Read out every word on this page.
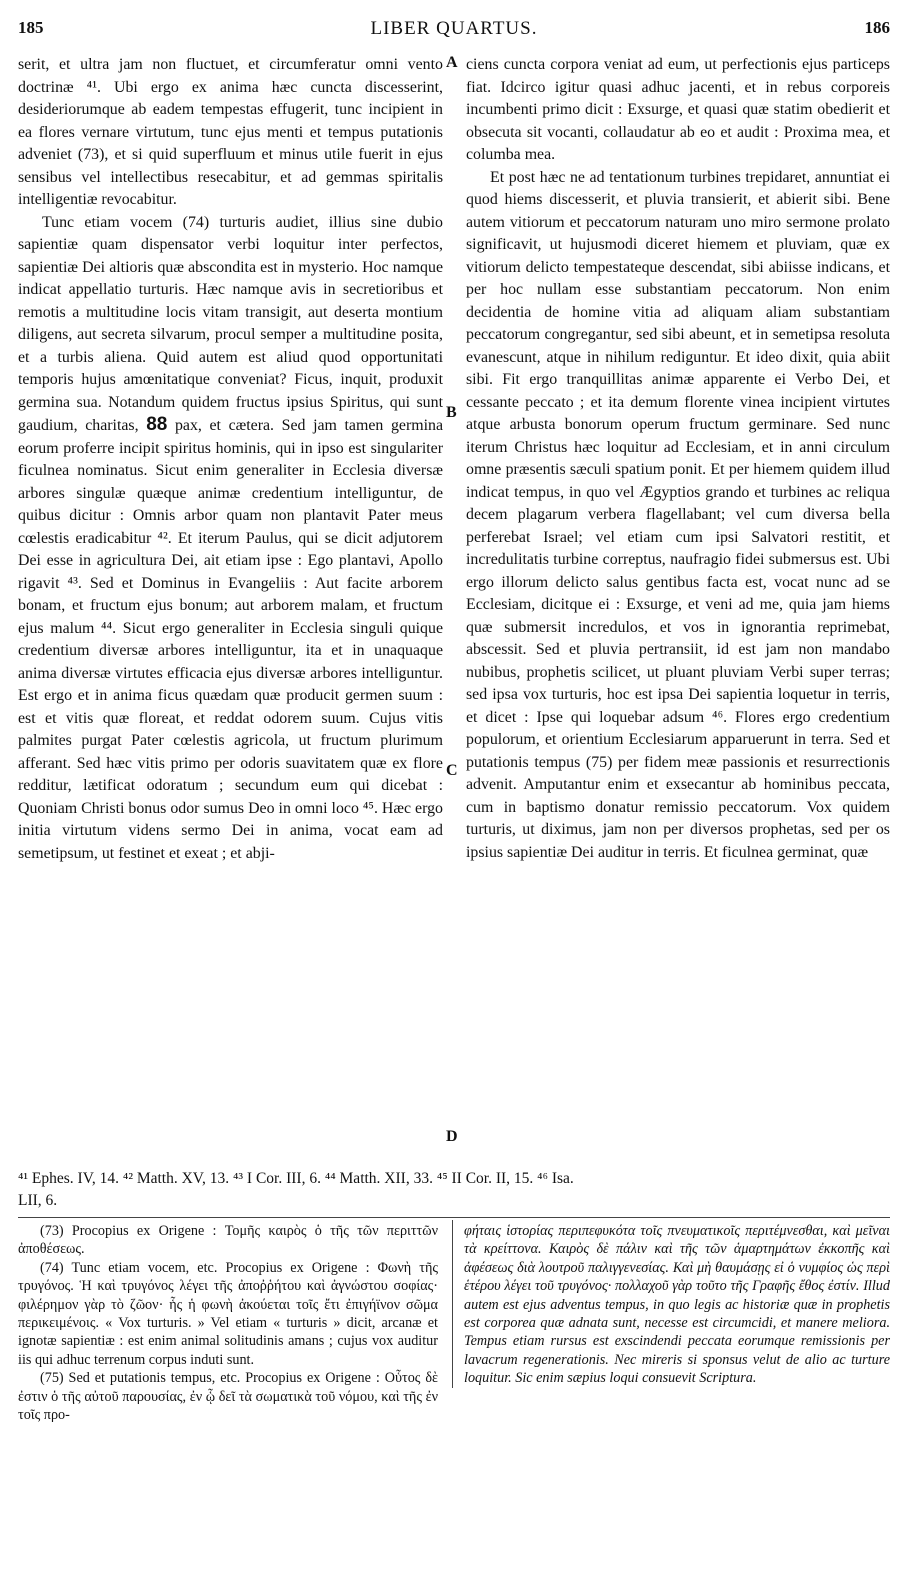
185	LIBER QUARTUS.	186

serit, et ultra jam non fluctuet, et circumferatur omni vento doctrinæ ⁴¹. Ubi ergo ex anima hæc cuncta discesserint, desideriorumque ab eadem tempestas effugerit, tunc incipient in ea flores vernare virtutum, tunc ejus menti et tempus putationis adveniet (73), et si quid superfluum et minus utile fuerit in ejus sensibus vel intellectibus resecabitur, et ad gemmas spiritalis intelligentiæ revocabitur.

Tunc etiam vocem (74) turturis audiet, illius sine dubio sapientiæ quam dispensator verbi loquitur inter perfectos, sapientiæ Dei altioris quæ abscondita est in mysterio. Hoc namque indicat appellatio turturis. Hæc namque avis in secretioribus et remotis a multitudine locis vitam transigit, aut deserta montium diligens, aut secreta silvarum, procul semper a multitudine posita, et a turbis aliena. Quid autem est aliud quod opportunitati temporis hujus amœnitatique conveniat? Ficus, inquit, produxit germina sua. Notandum quidem fructus ipsius Spiritus, qui sunt gaudium, charitas, 88 pax, et cætera. Sed jam tamen germina eorum proferre incipit spiritus hominis, qui in ipso est singulariter ficulnea nominatus. Sicut enim generaliter in Ecclesia diversæ arbores singulæ quæque animæ credentium intelliguntur, de quibus dicitur : Omnis arbor quam non plantavit Pater meus cœlestis eradicabitur ⁴². Et iterum Paulus, qui se dicit adjutorem Dei esse in agricultura Dei, ait etiam ipse : Ego plantavi, Apollo rigavit ⁴³. Sed et Dominus in Evangeliis : Aut facite arborem bonam, et fructum ejus bonum; aut arborem malam, et fructum ejus malum ⁴⁴. Sicut ergo generaliter in Ecclesia singuli quique credentium diversæ arbores intelliguntur, ita et in unaquaque anima diversæ virtutes efficacia ejus diversæ arbores intelliguntur. Est ergo et in anima ficus quædam quæ producit germen suum : est et vitis quæ floreat, et reddat odorem suum. Cujus vitis palmites purgat Pater cœlestis agricola, ut fructum plurimum afferant. Sed hæc vitis primo per odoris suavitatem quæ ex flore redditur, lætificat odoratum ; secundum eum qui dicebat : Quoniam Christi bonus odor sumus Deo in omni loco ⁴⁵. Hæc ergo initia virtutum videns sermo Dei in anima, vocat eam ad semetipsum, ut festinet et exeat ; et abji-

A
B
C
D

ciens cuncta corpora veniat ad eum, ut perfectionis ejus particeps fiat. Idcirco igitur quasi adhuc jacenti, et in rebus corporeis incumbenti primo dicit : Exsurge, et quasi quæ statim obedierit et obsecuta sit vocanti, collaudatur ab eo et audit : Proxima mea, et columba mea.

Et post hæc ne ad tentationum turbines trepidaret, annuntiat ei quod hiems discesserit, et pluvia transierit, et abierit sibi. Bene autem vitiorum et peccatorum naturam uno miro sermone prolato significavit, ut hujusmodi diceret hiemem et pluviam, quæ ex vitiorum delicto tempestateque descendat, sibi abiisse indicans, et per hoc nullam esse substantiam peccatorum. Non enim decidentia de homine vitia ad aliquam aliam substantiam peccatorum congregantur, sed sibi abeunt, et in semetipsa resoluta evanescunt, atque in nihilum rediguntur. Et ideo dixit, quia abiit sibi. Fit ergo tranquillitas animæ apparente ei Verbo Dei, et cessante peccato ; et ita demum florente vinea incipient virtutes atque arbusta bonorum operum fructum germinare. Sed nunc iterum Christus hæc loquitur ad Ecclesiam, et in anni circulum omne præsentis sæculi spatium ponit. Et per hiemem quidem illud indicat tempus, in quo vel Ægyptios grando et turbines ac reliqua decem plagarum verbera flagellabant; vel cum diversa bella perferebat Israel; vel etiam cum ipsi Salvatori restitit, et incredulitatis turbine correptus, naufragio fidei submersus est. Ubi ergo illorum delicto salus gentibus facta est, vocat nunc ad se Ecclesiam, dicitque ei : Exsurge, et veni ad me, quia jam hiems quæ submersit incredulos, et vos in ignorantia reprimebat, abscessit. Sed et pluvia pertransiit, id est jam non mandabo nubibus, prophetis scilicet, ut pluant pluviam Verbi super terras; sed ipsa vox turturis, hoc est ipsa Dei sapientia loquetur in terris, et dicet : Ipse qui loquebar adsum ⁴⁶. Flores ergo credentium populorum, et orientium Ecclesiarum apparuerunt in terra. Sed et putationis tempus (75) per fidem meæ passionis et resurrectionis advenit. Amputantur enim et exsecantur ab hominibus peccata, cum in baptismo donatur remissio peccatorum. Vox quidem turturis, ut diximus, jam non per diversos prophetas, sed per os ipsius sapientiæ Dei auditur in terris. Et ficulnea germinat, quæ

⁴¹ Ephes. IV, 14. ⁴² Matth. XV, 13. ⁴³ I Cor. III, 6. ⁴⁴ Matth. XII, 33. ⁴⁵ II Cor. II, 15. ⁴⁶ Isa.

LII, 6.

(73) Procopius ex Origene : Τομῆς καιρὸς ὁ τῆς τῶν περιττῶν ἀποθέσεως.

(74) Tunc etiam vocem, etc. Procopius ex Origene : Φωνὴ τῆς τρυγόνος. Ἡ καὶ τρυγόνος λέγει τῆς ἀποῤῥήτου καὶ ἀγνώστου σοφίας· φιλέρημον γὰρ τὸ ζῶον· ἧς ἡ φωνὴ ἀκούεται τοῖς ἔτι ἐπιγήϊνον σῶμα περικειμένοις. « Vox turturis. » Vel etiam « turturis » dicit, arcanæ et ignotæ sapientiæ : est enim animal solitudinis amans ; cujus vox auditur iis qui adhuc terrenum corpus induti sunt.

(75) Sed et putationis tempus, etc. Procopius ex Origene : Οὗτος δὲ ἐστιν ὁ τῆς αὐτοῦ παρουσίας, ἐν ᾧ δεῖ τὰ σωματικὰ τοῦ νόμου, καὶ τῆς ἐν τοῖς προ-

φήταις ἱστορίας περιπεφυκότα τοῖς πνευματικοῖς περιτέμνεσθαι, καὶ μεῖναι τὰ κρείττονα. Καιρὸς δὲ πάλιν καὶ τῆς τῶν ἁμαρτημάτων ἐκκοπῆς καὶ ἀφέσεως διὰ λουτροῦ παλιγγενεσίας. Καὶ μὴ θαυμάσῃς εἰ ὁ νυμφίος ὡς περὶ ἑτέρου λέγει τοῦ τρυγόνος· πολλαχοῦ γὰρ τοῦτο τῆς Γραφῆς ἔθος ἐστίν. Illud autem est ejus adventus tempus, in quo legis ac historiæ quæ in prophetis est corporea quæ adnata sunt, necesse est circumcidi, et manere meliora. Tempus etiam rursus est exscindendi peccata eorumque remissionis per lavacrum regenerationis. Nec mireris si sponsus velut de alio ac turture loquitur. Sic enim sæpius loqui consuevit Scriptura.
